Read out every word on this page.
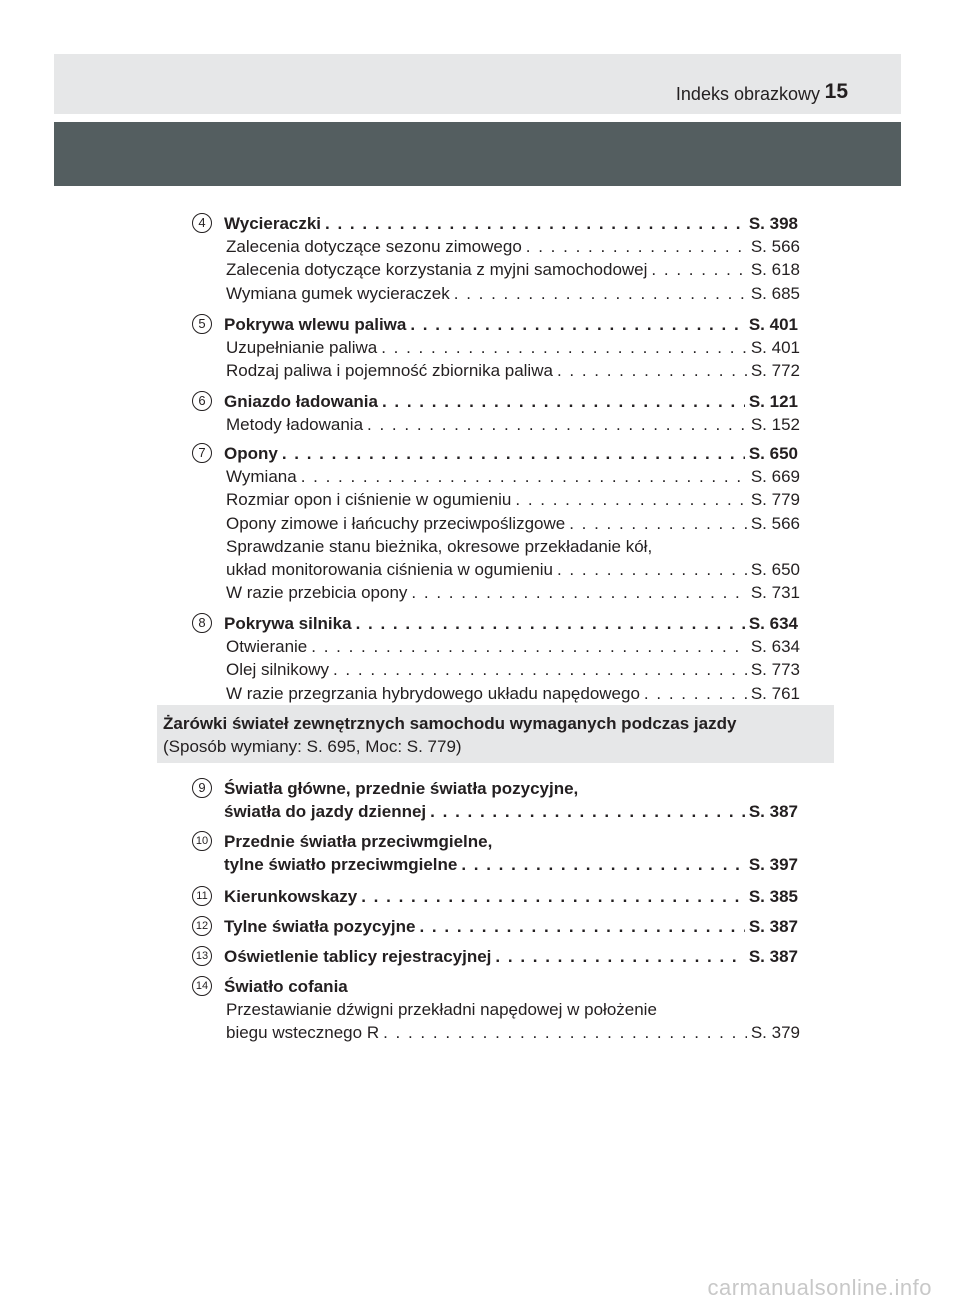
Indeks obrazkowy 15
4	Wycieraczki . . .	S. 398
Zalecenia dotyczące sezonu zimowego . . .	S. 566
Zalecenia dotyczące korzystania z myjni samochodowej . . .	S. 618
Wymiana gumek wycieraczek . . .	S. 685
5	Pokrywa wlewu paliwa . . .	S. 401
Uzupełnianie paliwa . . .	S. 401
Rodzaj paliwa i pojemność zbiornika paliwa . . .	S. 772
6	Gniazdo ładowania . . .	S. 121
Metody ładowania . . .	S. 152
7	Opony . . .	S. 650
Wymiana . . .	S. 669
Rozmiar opon i ciśnienie w ogumieniu . . .	S. 779
Opony zimowe i łańcuchy przeciwpoślizgowe . . .	S. 566
Sprawdzanie stanu bieżnika, okresowe przekładanie kół,
układ monitorowania ciśnienia w ogumieniu . . .	S. 650
W razie przebicia opony . . .	S. 731
8	Pokrywa silnika . . .	S. 634
Otwieranie . . .	S. 634
Olej silnikowy . . .	S. 773
W razie przegrzania hybrydowego układu napędowego . . .	S. 761
Żarówki świateł zewnętrznych samochodu wymaganych podczas jazdy
(Sposób wymiany: S. 695, Moc: S. 779)
9	Światła główne, przednie światła pozycyjne,
światła do jazdy dziennej . . .	S. 387
10 Przednie światła przeciwmgielne,
tylne światło przeciwmgielne . . .	S. 397
11 Kierunkowskazy . . .	S. 385
12 Tylne światła pozycyjne . . .	S. 387
13 Oświetlenie tablicy rejestracyjnej . . .	S. 387
14 Światło cofania
Przestawianie dźwigni przekładni napędowej w położenie
biegu wstecznego R . . .	S. 379
carmanualsonline.info
